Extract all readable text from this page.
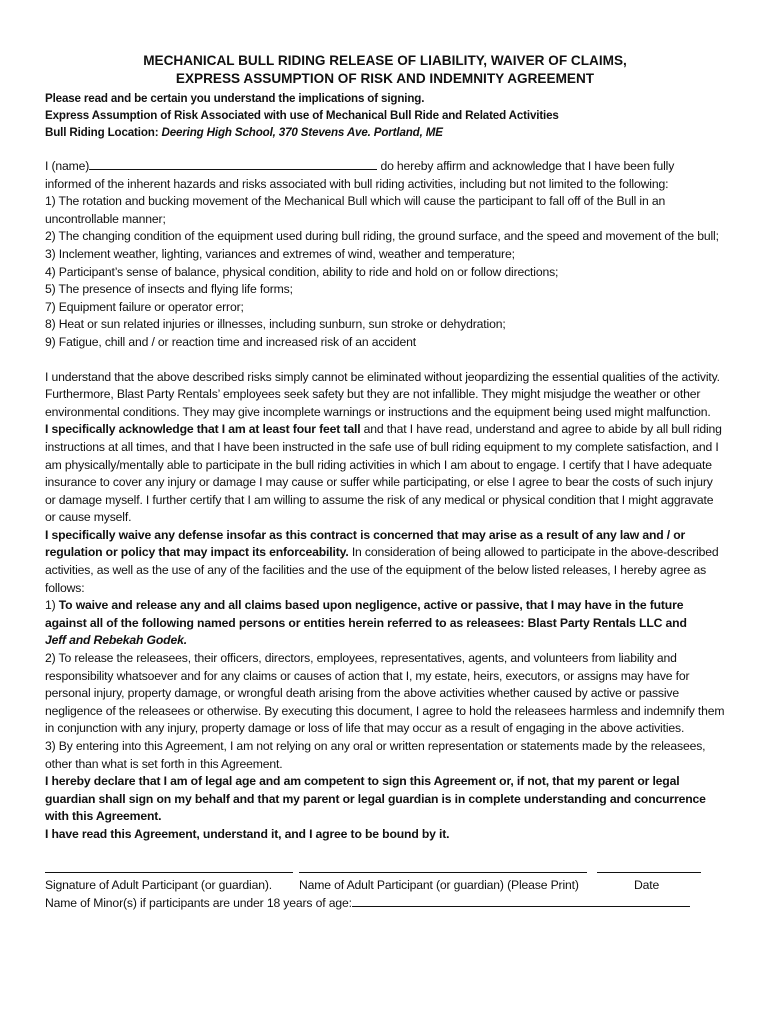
MECHANICAL BULL RIDING RELEASE OF LIABILITY, WAIVER OF CLAIMS,
EXPRESS ASSUMPTION OF RISK AND INDEMNITY AGREEMENT
Please read and be certain you understand the implications of signing.
Express Assumption of Risk Associated with use of Mechanical Bull Ride and Related Activities
Bull Riding Location: Deering High School, 370 Stevens Ave. Portland, ME

I (name)	do hereby affirm and acknowledge that I have been fully

informed of the inherent hazards and risks associated with bull riding activities, including but not limited to the following:

1) The rotation and bucking movement of the Mechanical Bull which will cause the participant to fall off of the Bull in an uncontrollable manner;

2) The changing condition of the equipment used during bull riding, the ground surface, and the speed and movement of the bull;

3) Inclement weather, lighting, variances and extremes of wind, weather and temperature;

4) Participant’s sense of balance, physical condition, ability to ride and hold on or follow directions;

5) The presence of insects and flying life forms;

7) Equipment failure or operator error;

8) Heat or sun related injuries or illnesses, including sunburn, sun stroke or dehydration;

9) Fatigue, chill and / or reaction time and increased risk of an accident

I understand that the above described risks simply cannot be eliminated without jeopardizing the essential qualities of the activity. Furthermore, Blast Party Rentals’ employees seek safety but they are not infallible. They might misjudge the weather or other environmental conditions. They may give incomplete warnings or instructions and the equipment being used might malfunction.

I specifically acknowledge that I am at least four feet tall and that I have read, understand and agree to abide by all bull riding instructions at all times, and that I have been instructed in the safe use of bull riding equipment to my complete satisfaction, and I am physically/mentally able to participate in the bull riding activities in which I am about to engage. I certify that I have adequate insurance to cover any injury or damage I may cause or suffer while participating, or else I agree to bear the costs of such injury or damage myself. I further certify that I am willing to assume the risk of any medical or physical condition that I might aggravate or cause myself.

I specifically waive any defense insofar as this contract is concerned that may arise as a result of any law and / or regulation or policy that may impact its enforceability. In consideration of being allowed to participate in the above-described activities, as well as the use of any of the facilities and the use of the equipment of the below listed releases, I hereby agree as follows:

1) To waive and release any and all claims based upon negligence, active or passive, that I may have in the future against all of the following named persons or entities herein referred to as releasees: Blast Party Rentals LLC and
Jeff and Rebekah Godek.

2) To release the releasees, their officers, directors, employees, representatives, agents, and volunteers from liability and responsibility whatsoever and for any claims or causes of action that I, my estate, heirs, executors, or assigns may have for personal injury, property damage, or wrongful death arising from the above activities whether caused by active or passive negligence of the releasees or otherwise. By executing this document, I agree to hold the releasees harmless and indemnify them in conjunction with any injury, property damage or loss of life that may occur as a result of engaging in the above activities.

3) By entering into this Agreement, I am not relying on any oral or written representation or statements made by the releasees, other than what is set forth in this Agreement.

I hereby declare that I am of legal age and am competent to sign this Agreement or, if not, that my parent or legal guardian shall sign on my behalf and that my parent or legal guardian is in complete understanding and concurrence with this Agreement.

I have read this Agreement, understand it, and I agree to be bound by it.

Signature of Adult Participant (or guardian). Name of Adult Participant (or guardian) (Please Print)	Date
Name of Minor(s) if participants are under 18 years of age:
